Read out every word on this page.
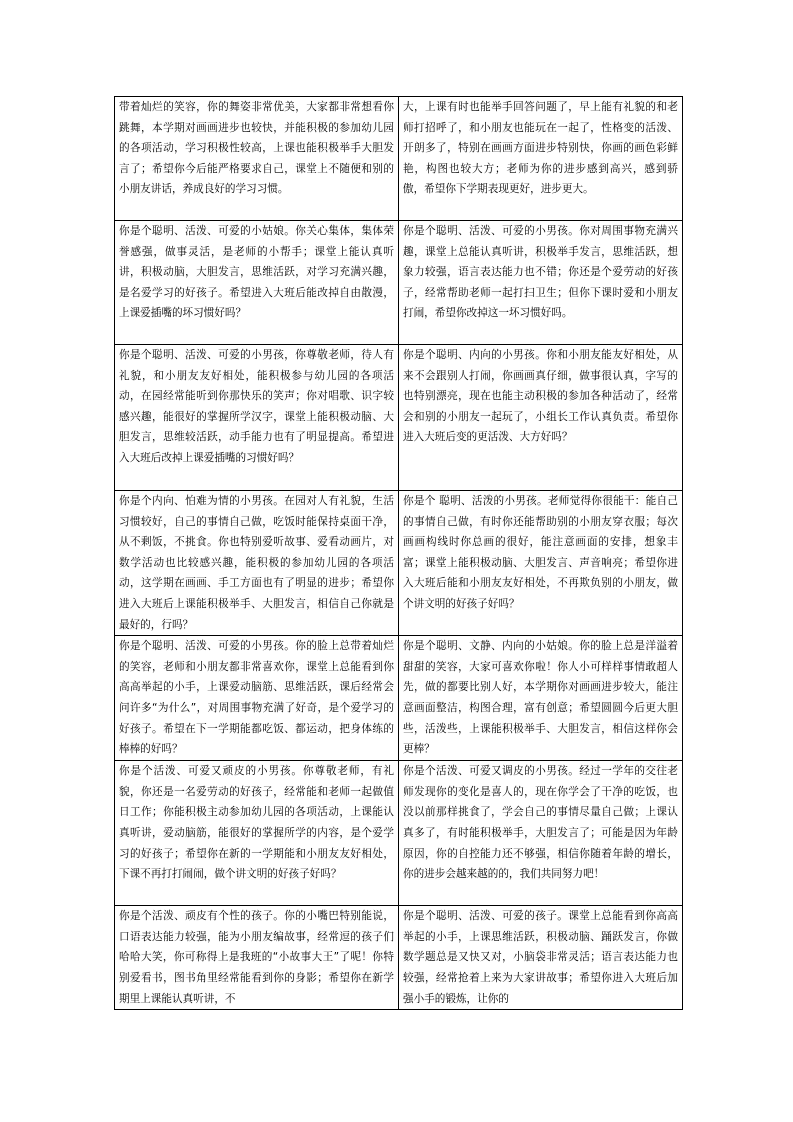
带着灿烂的笑容，你的舞姿非常优美，大家都非常想看你跳舞，本学期对画画进步也较快，并能积极的参加幼儿园的各项活动，学习积极性较高，上课也能积极举手大胆发言了；希望你今后能严格要求自己，课堂上不随便和别的小朋友讲话，养成良好的学习习惯。	大，上课有时也能举手回答问题了，早上能有礼貌的和老师打招呼了，和小朋友也能玩在一起了，性格变的活泼、开朗多了，特别在画画方面进步特别快，你画的画色彩鲜艳，构图也较大方；老师为你的进步感到高兴，感到骄傲，希望你下学期表现更好，进步更大。
你是个聪明、活泼、可爱的小姑娘。你关心集体，集体荣誉感强，做事灵活，是老师的小帮手；课堂上能认真听讲，积极动脑，大胆发言，思维活跃，对学习充满兴趣，是名爱学习的好孩子。希望进入大班后能改掉自由散漫，上课爱插嘴的坏习惯好吗？	你是个聪明、活泼、可爱的小男孩。你对周围事物充满兴趣，课堂上总能认真听讲，积极举手发言，思维活跃，想象力较强，语言表达能力也不错；你还是个爱劳动的好孩子，经常帮助老师一起打扫卫生；但你下课时爱和小朋友打闹，希望你改掉这一坏习惯好吗。
你是个聪明、活泼、可爱的小男孩，你尊敬老师，待人有礼貌，和小朋友友好相处，能积极参与幼儿园的各项活动，在园经常能听到你那快乐的笑声；你对唱歌、识字较感兴趣，能很好的掌握所学汉字，课堂上能积极动脑、大胆发言，思维较活跃，动手能力也有了明显提高。希望进入大班后改掉上课爱插嘴的习惯好吗？	你是个聪明、内向的小男孩。你和小朋友能友好相处，从来不会跟别人打闹，你画画真仔细，做事很认真，字写的也特别漂亮，现在也能主动积极的参加各种活动了，经常会和别的小朋友一起玩了，小组长工作认真负责。希望你进入大班后变的更活泼、大方好吗？
你是个内向、怕难为情的小男孩。在园对人有礼貌，生活习惯较好，自己的事情自己做，吃饭时能保持桌面干净，从不剩饭，不挑食。你也特别爱听故事、爱看动画片，对数学活动也比较感兴趣，能积极的参加幼儿园的各项活动，这学期在画画、手工方面也有了明显的进步；希望你进入大班后上课能积极举手、大胆发言，相信自己你就是最好的，行吗？	你是个 聪明、活泼的小男孩。老师觉得你很能干：能自己的事情自己做，有时你还能帮助别的小朋友穿衣服；每次画画构线时你总画的很好，能注意画面的安排，想象丰富；课堂上能积极动脑、大胆发言、声音响亮；希望你进入大班后能和小朋友友好相处，不再欺负别的小朋友，做个讲文明的好孩子好吗？
你是个聪明、活泼、可爱的小男孩。你的脸上总带着灿烂的笑容，老师和小朋友都非常喜欢你，课堂上总能看到你高高举起的小手，上课爱动脑筋、思维活跃，课后经常会问许多“为什么”，对周围事物充满了好奇，是个爱学习的好孩子。希望在下一学期能都吃饭、都运动，把身体练的棒棒的好吗？	你是个聪明、文静、内向的小姑娘。你的脸上总是洋溢着甜甜的笑容，大家可喜欢你啦！你人小可样样事情敢超人先，做的都要比别人好，本学期你对画画进步较大，能注意画面整洁，构图合理，富有创意；希望圆圆今后更大胆些，活泼些，上课能积极举手、大胆发言，相信这样你会更棒？
你是个活泼、可爱又顽皮的小男孩。你尊敬老师，有礼貌，你还是一名爱劳动的好孩子，经常能和老师一起做值日工作；你能积极主动参加幼儿园的各项活动，上课能认真听讲，爱动脑筋，能很好的掌握所学的内容，是个爱学习的好孩子；希望你在新的一学期能和小朋友友好相处，下课不再打打闹闹，做个讲文明的好孩子好吗？	你是个活泼、可爱又调皮的小男孩。经过一学年的交往老师发现你的变化是喜人的，现在你学会了干净的吃饭，也没以前那样挑食了，学会自己的事情尽量自己做；上课认真多了，有时能积极举手，大胆发言了；可能是因为年龄原因，你的自控能力还不够强，相信你随着年龄的增长，你的进步会越来越的的，我们共同努力吧！
你是个活泼、顽皮有个性的孩子。你的小嘴巴特别能说，口语表达能力较强，能为小朋友编故事，经常逗的孩子们哈哈大笑，你可称得上是我班的“小故事大王”了呢！你特别爱看书，图书角里经常能看到你的身影；希望你在新学期里上课能认真听讲，不	你是个聪明、活泼、可爱的孩子。课堂上总能看到你高高举起的小手，上课思维活跃，积极动脑、踊跃发言，你做数学题总是又快又对，小脑袋非常灵活；语言表达能力也较强，经常抢着上来为大家讲故事；希望你进入大班后加强小手的锻炼，让你的
